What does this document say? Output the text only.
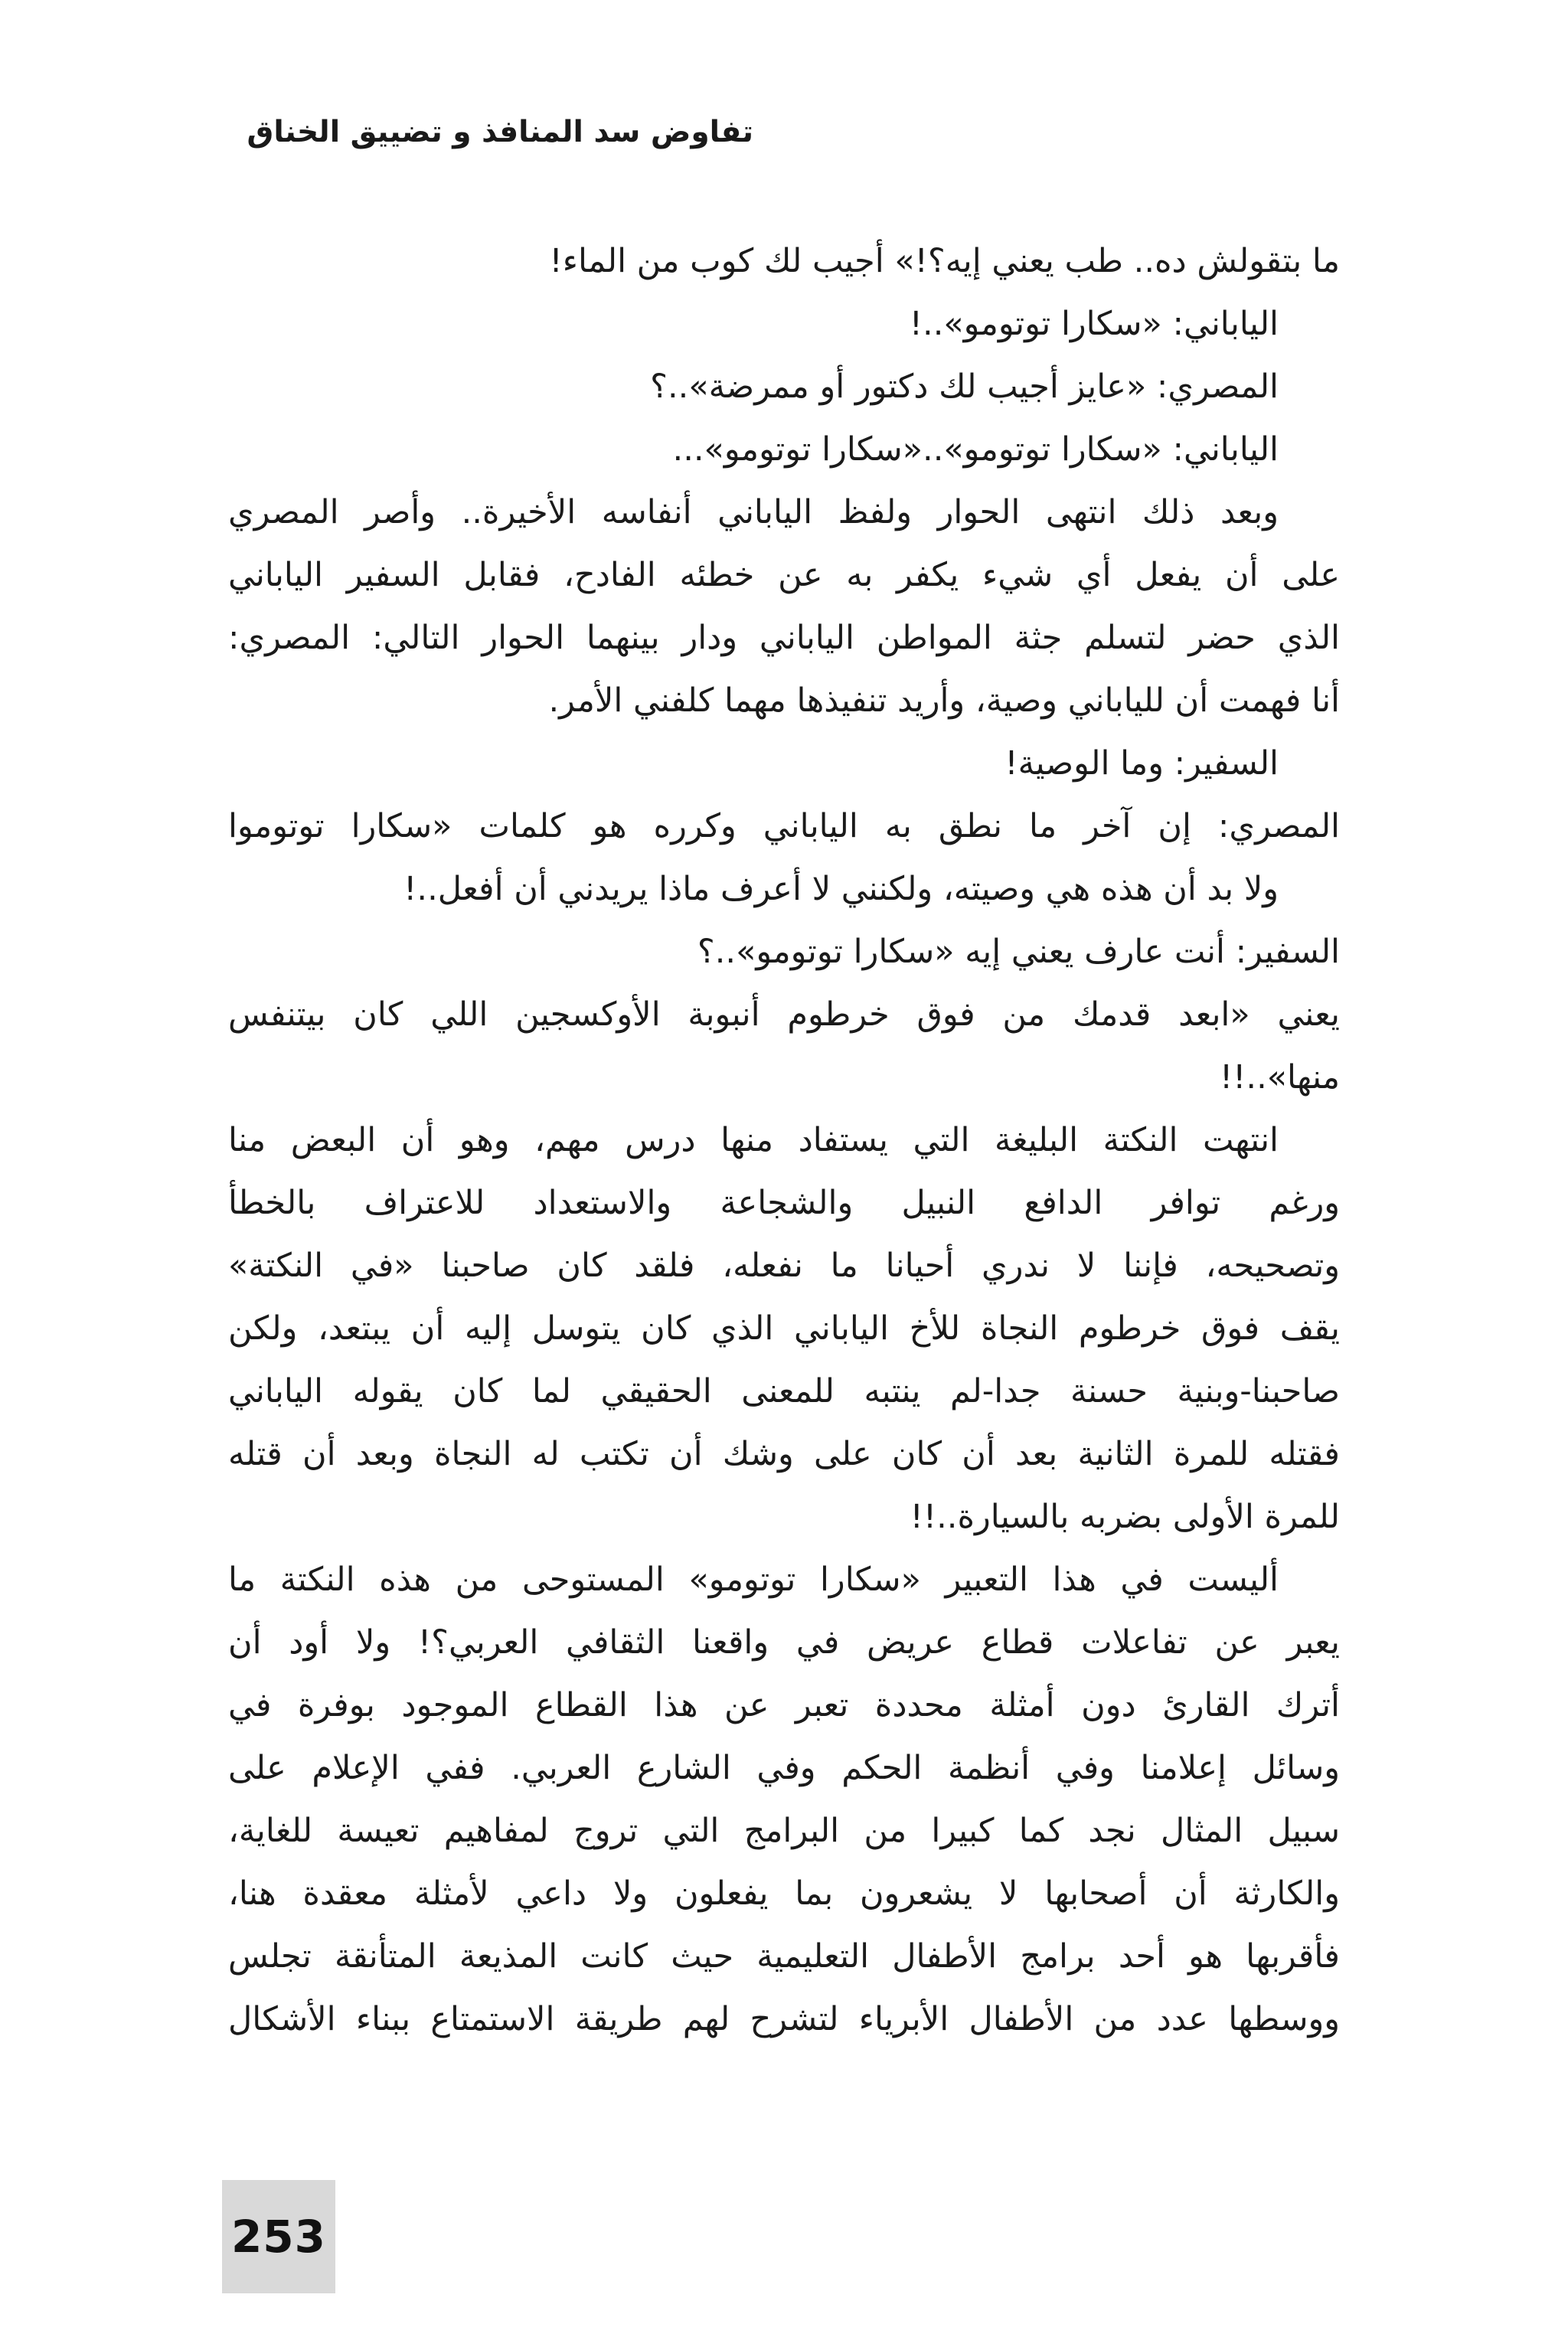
تفاوض سد المنافذ و تضييق الخناق
ما بتقولش ده.. طب يعني إيه؟!» أجيب لك كوب من الماء!
الياباني: «سكارا توتومو»..!
المصري: «عايز أجيب لك دكتور أو ممرضة»..؟
الياباني: «سكارا توتومو»..«سكارا توتومو»...
وبعد ذلك انتهى الحوار ولفظ الياباني أنفاسه الأخيرة.. وأصر المصري
على أن يفعل أي شيء يكفر به عن خطئه الفادح، فقابل السفير الياباني
الذي حضر لتسلم جثة المواطن الياباني ودار بينهما الحوار التالي: المصري:
أنا فهمت أن للياباني وصية، وأريد تنفيذها مهما كلفني الأمر.
السفير: وما الوصية!
المصري: إن آخر ما نطق به الياباني وكرره هو كلمات «سكارا توتوموا
ولا بد أن هذه هي وصيته، ولكنني لا أعرف ماذا يريدني أن أفعل..!
السفير: أنت عارف يعني إيه «سكارا توتومو»..؟
يعني «ابعد قدمك من فوق خرطوم أنبوبة الأوكسجين اللي كان بيتنفس
منها»..!!
انتهت النكتة البليغة التي يستفاد منها درس مهم، وهو أن البعض منا
ورغم توافر الدافع النبيل والشجاعة والاستعداد للاعتراف بالخطأ
وتصحيحه، فإننا لا ندري أحيانا ما نفعله، فلقد كان صاحبنا «في النكتة»
يقف فوق خرطوم النجاة للأخ الياباني الذي كان يتوسل إليه أن يبتعد، ولكن
صاحبنا-وبنية حسنة جدا-لم ينتبه للمعنى الحقيقي لما كان يقوله الياباني
فقتله للمرة الثانية بعد أن كان على وشك أن تكتب له النجاة وبعد أن قتله
للمرة الأولى بضربه بالسيارة..!!
أليست في هذا التعبير «سكارا توتومو» المستوحى من هذه النكتة ما
يعبر عن تفاعلات قطاع عريض في واقعنا الثقافي العربي؟! ولا أود أن
أترك القارئ دون أمثلة محددة تعبر عن هذا القطاع الموجود بوفرة في
وسائل إعلامنا وفي أنظمة الحكم وفي الشارع العربي. ففي الإعلام على
سبيل المثال نجد كما كبيرا من البرامج التي تروج لمفاهيم تعيسة للغاية،
والكارثة أن أصحابها لا يشعرون بما يفعلون ولا داعي لأمثلة معقدة هنا،
فأقربها هو أحد برامج الأطفال التعليمية حيث كانت المذيعة المتأنقة تجلس
ووسطها عدد من الأطفال الأبرياء لتشرح لهم طريقة الاستمتاع ببناء الأشكال
253
